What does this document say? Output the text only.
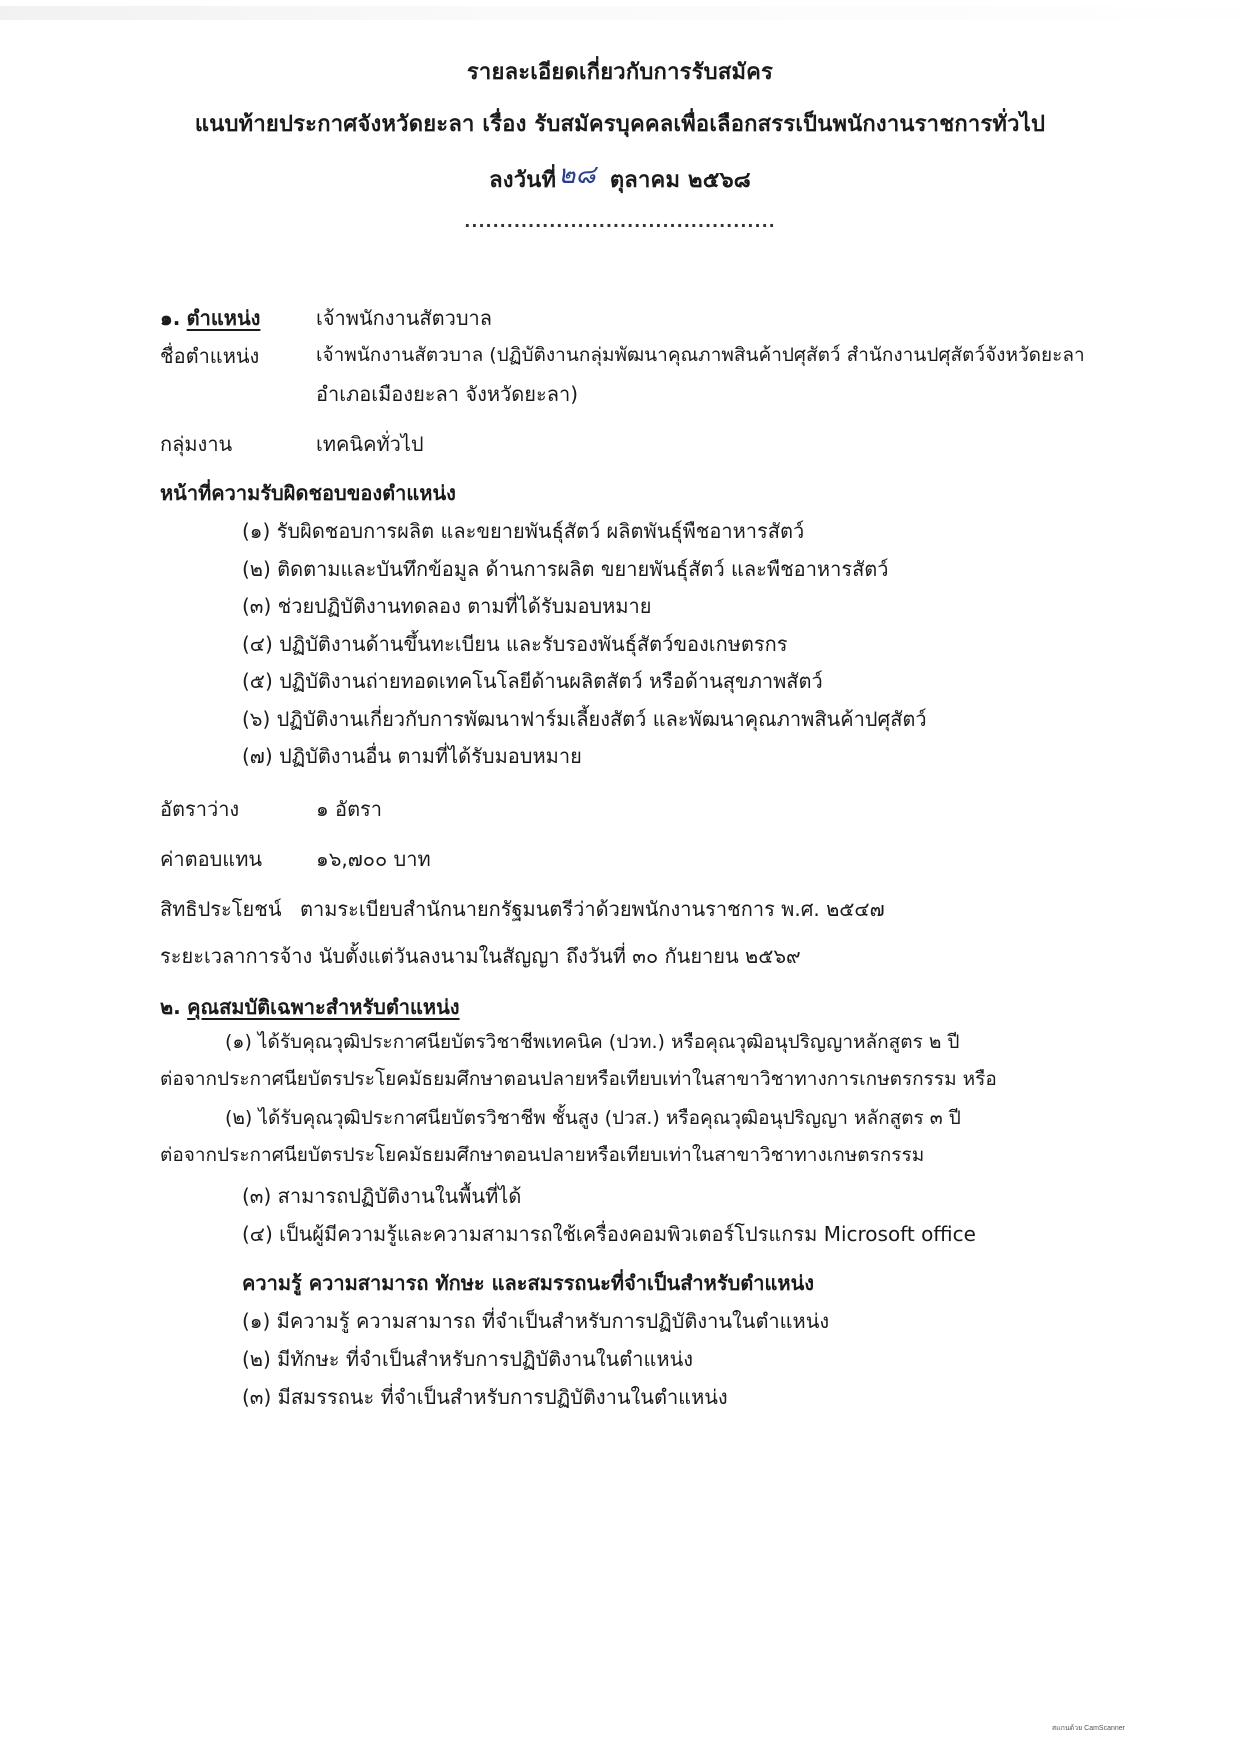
รายละเอียดเกี่ยวกับการรับสมัคร
แนบท้ายประกาศจังหวัดยะลา เรื่อง รับสมัครบุคคลเพื่อเลือกสรรเป็นพนักงานราชการทั่วไป
ลงวันที่๒๘ ตุลาคม ๒๕๖๘
............................................
๑. ตำแหน่ง	เจ้าพนักงานสัตวบาล
ชื่อตำแหน่ง	เจ้าพนักงานสัตวบาล (ปฏิบัติงานกลุ่มพัฒนาคุณภาพสินค้าปศุสัตว์ สำนักงานปศุสัตว์จังหวัดยะลา
อำเภอเมืองยะลา จังหวัดยะลา)
กลุ่มงาน	เทคนิคทั่วไป
หน้าที่ความรับผิดชอบของตำแหน่ง
(๑) รับผิดชอบการผลิต และขยายพันธุ์สัตว์ ผลิตพันธุ์พืชอาหารสัตว์
(๒) ติดตามและบันทึกข้อมูล ด้านการผลิต ขยายพันธุ์สัตว์ และพืชอาหารสัตว์
(๓) ช่วยปฏิบัติงานทดลอง ตามที่ได้รับมอบหมาย
(๔) ปฏิบัติงานด้านขึ้นทะเบียน และรับรองพันธุ์สัตว์ของเกษตรกร
(๕) ปฏิบัติงานถ่ายทอดเทคโนโลยีด้านผลิตสัตว์ หรือด้านสุขภาพสัตว์
(๖) ปฏิบัติงานเกี่ยวกับการพัฒนาฟาร์มเลี้ยงสัตว์ และพัฒนาคุณภาพสินค้าปศุสัตว์
(๗) ปฏิบัติงานอื่น ตามที่ได้รับมอบหมาย
อัตราว่าง	๑ อัตรา
ค่าตอบแทน	๑๖,๗๐๐ บาท
สิทธิประโยชน์ ตามระเบียบสำนักนายกรัฐมนตรีว่าด้วยพนักงานราชการ พ.ศ. ๒๕๔๗
ระยะเวลาการจ้าง นับตั้งแต่วันลงนามในสัญญา ถึงวันที่ ๓๐ กันยายน ๒๕๖๙
๒. คุณสมบัติเฉพาะสำหรับตำแหน่ง
(๑) ได้รับคุณวุฒิประกาศนียบัตรวิชาชีพเทคนิค (ปวท.) หรือคุณวุฒิอนุปริญญาหลักสูตร ๒ ปี
ต่อจากประกาศนียบัตรประโยคมัธยมศึกษาตอนปลายหรือเทียบเท่าในสาขาวิชาทางการเกษตรกรรม หรือ
(๒) ได้รับคุณวุฒิประกาศนียบัตรวิชาชีพ ชั้นสูง (ปวส.) หรือคุณวุฒิอนุปริญญา หลักสูตร ๓ ปี
ต่อจากประกาศนียบัตรประโยคมัธยมศึกษาตอนปลายหรือเทียบเท่าในสาขาวิชาทางเกษตรกรรม
(๓) สามารถปฏิบัติงานในพื้นที่ได้
(๔) เป็นผู้มีความรู้และความสามารถใช้เครื่องคอมพิวเตอร์โปรแกรม Microsoft office
ความรู้ ความสามารถ ทักษะ และสมรรถนะที่จำเป็นสำหรับตำแหน่ง
(๑) มีความรู้ ความสามารถ ที่จำเป็นสำหรับการปฏิบัติงานในตำแหน่ง
(๒) มีทักษะ ที่จำเป็นสำหรับการปฏิบัติงานในตำแหน่ง
(๓) มีสมรรถนะ ที่จำเป็นสำหรับการปฏิบัติงานในตำแหน่ง
สแกนด้วย CamScanner
